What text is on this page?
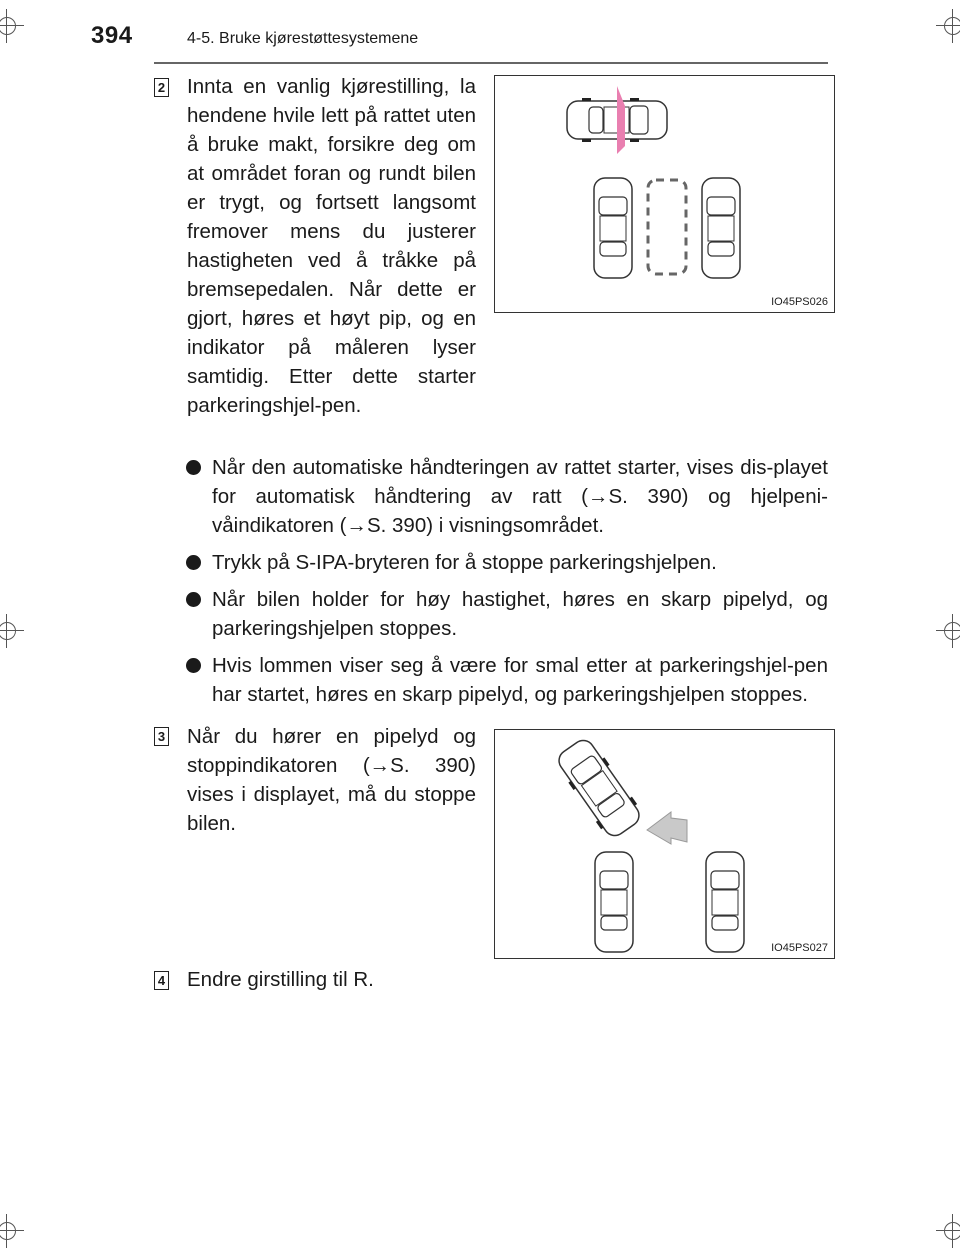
394	4-5. Bruke kjørestøttesystemene
2 Innta en vanlig kjørestilling, la hendene hvile lett på rattet uten å bruke makt, forsikre deg om at området foran og rundt bilen er trygt, og fortsett langsomt fremover mens du justerer hastigheten ved å tråkke på bremsepedalen. Når dette er gjort, høres et høyt pip, og en indikator på måleren lyser samtidig. Etter dette starter parkeringshjel-pen.
IO45PS026
Når den automatiske håndteringen av rattet starter, vises dis-playet for automatisk håndtering av ratt (→S. 390) og hjelpeni-våindikatoren (→S. 390) i visningsområdet.
Trykk på S-IPA-bryteren for å stoppe parkeringshjelpen.
Når bilen holder for høy hastighet, høres en skarp pipelyd, og parkeringshjelpen stoppes.
Hvis lommen viser seg å være for smal etter at parkeringshjel-pen har startet, høres en skarp pipelyd, og parkeringshjelpen stoppes.
3 Når du hører en pipelyd og stoppindikatoren (→S. 390) vises i displayet, må du stoppe bilen.
IO45PS027
4 Endre girstilling til R.
